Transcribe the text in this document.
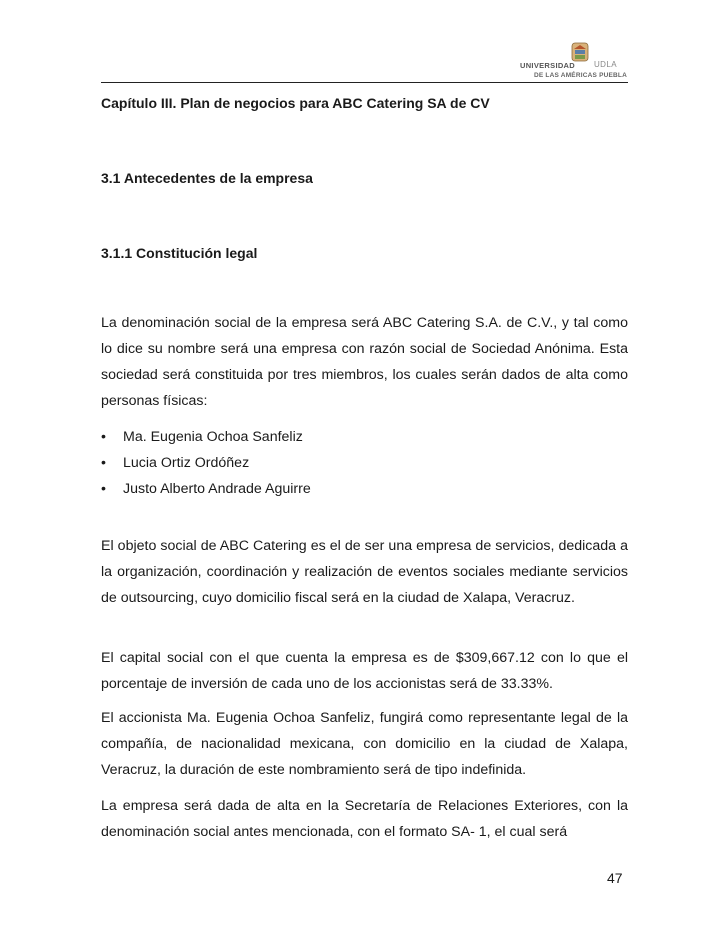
UNIVERSIDAD UDLA
DE LAS AMÉRICAS PUEBLA
Capítulo III. Plan de negocios para ABC Catering SA de CV
3.1 Antecedentes de la empresa
3.1.1 Constitución legal

La denominación social de la empresa será ABC Catering S.A. de C.V., y tal como lo dice su nombre será una empresa con razón social de Sociedad Anónima. Esta sociedad será constituida por tres miembros, los cuales serán dados de alta como personas físicas:

• Ma. Eugenia Ochoa Sanfeliz
• Lucia Ortiz Ordóñez
• Justo Alberto Andrade Aguirre

El objeto social de ABC Catering es el de ser una empresa de servicios, dedicada a la organización, coordinación y realización de eventos sociales mediante servicios de outsourcing, cuyo domicilio fiscal será en la ciudad de Xalapa, Veracruz.

El capital social con el que cuenta la empresa es de $309,667.12 con lo que el porcentaje de inversión de cada uno de los accionistas será de 33.33%.

El accionista Ma. Eugenia Ochoa Sanfeliz, fungirá como representante legal de la compañía, de nacionalidad mexicana, con domicilio en la ciudad de Xalapa, Veracruz, la duración de este nombramiento será de tipo indefinida.

La empresa será dada de alta en la Secretaría de Relaciones Exteriores, con la denominación social antes mencionada, con el formato SA- 1, el cual será

47
